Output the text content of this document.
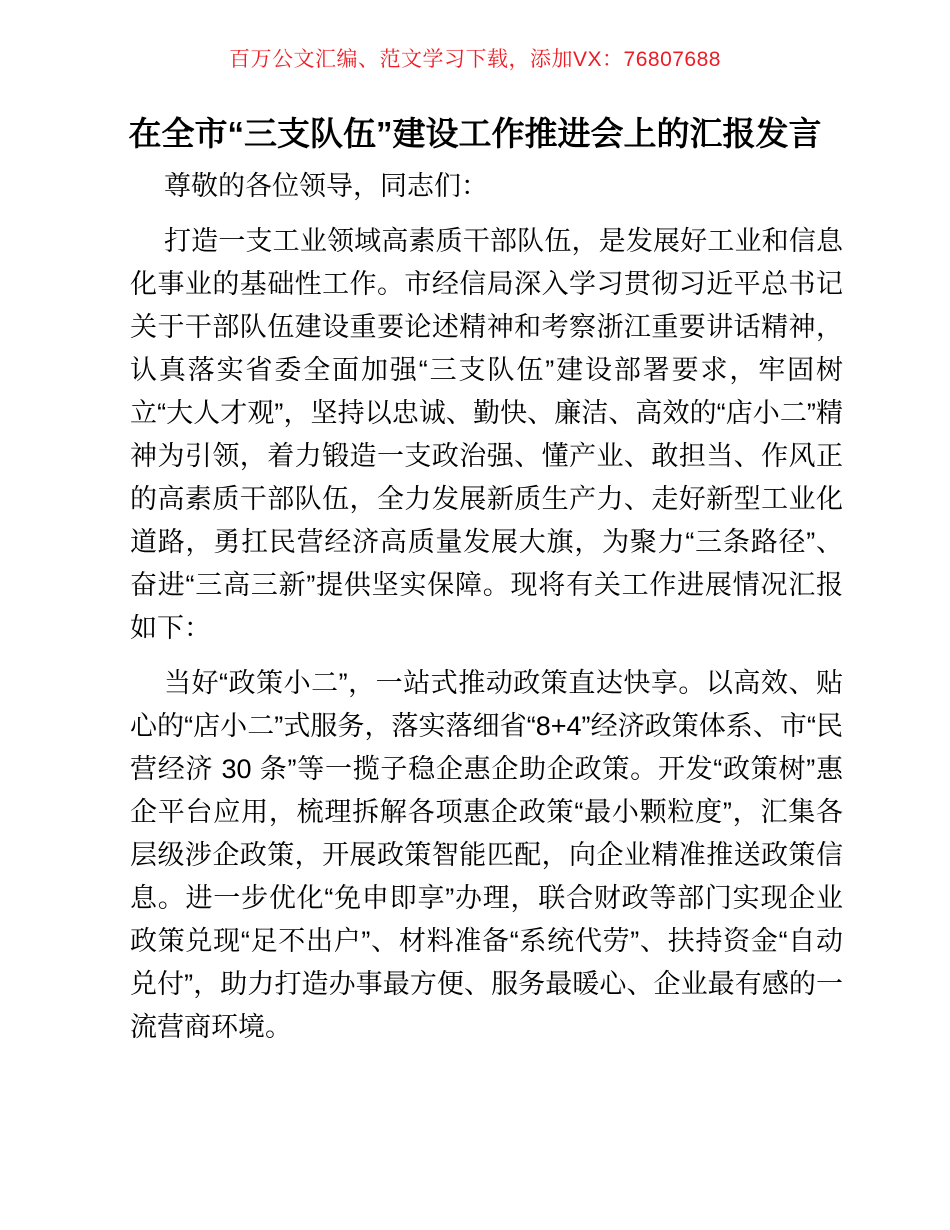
百万公文汇编、范文学习下载，添加VX：76807688
在全市“三支队伍”建设工作推进会上的汇报发言

尊敬的各位领导，同志们：

打造一支工业领域高素质干部队伍，是发展好工业和信息化事业的基础性工作。市经信局深入学习贯彻习近平总书记关于干部队伍建设重要论述精神和考察浙江重要讲话精神，认真落实省委全面加强“三支队伍”建设部署要求，牢固树立“大人才观”，坚持以忠诚、勤快、廉洁、高效的“店小二”精神为引领，着力锻造一支政治强、懂产业、敢担当、作风正的高素质干部队伍，全力发展新质生产力、走好新型工业化道路，勇扛民营经济高质量发展大旗，为聚力“三条路径”、奋进“三高三新”提供坚实保障。现将有关工作进展情况汇报如下：

当好“政策小二”，一站式推动政策直达快享。以高效、贴心的“店小二”式服务，落实落细省“8+4”经济政策体系、市“民营经济 30 条”等一揽子稳企惠企助企政策。开发“政策树”惠企平台应用，梳理拆解各项惠企政策“最小颗粒度”，汇集各层级涉企政策，开展政策智能匹配，向企业精准推送政策信息。进一步优化“免申即享”办理，联合财政等部门实现企业政策兑现“足不出户”、材料准备“系统代劳”、扶持资金“自动兑付”，助力打造办事最方便、服务最暖心、企业最有感的一流营商环境。
